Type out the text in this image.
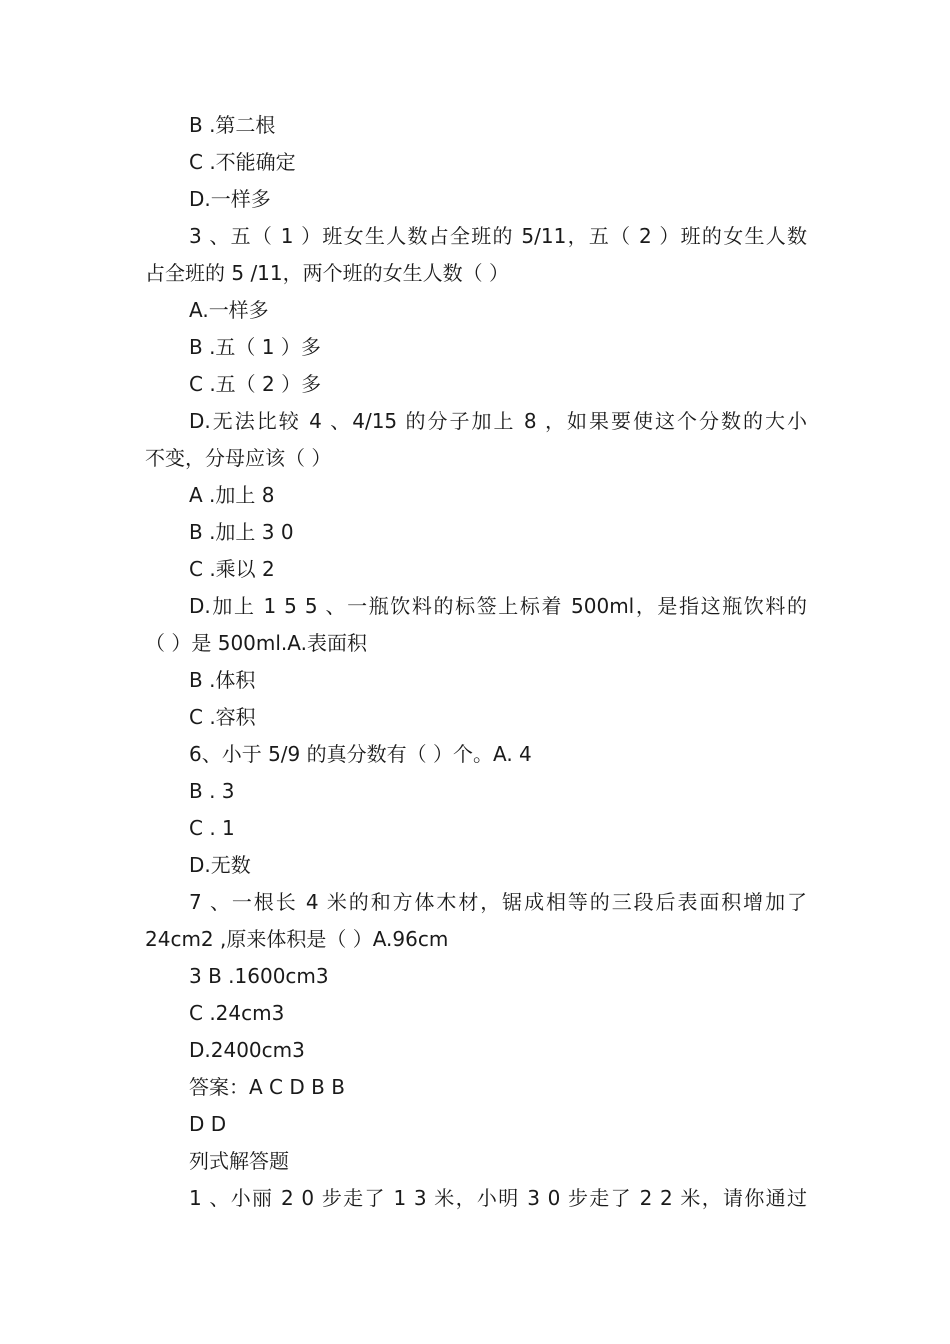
B .第二根
C .不能确定
D.一样多
3 、五（ 1 ）班女生人数占全班的 5/11，五（ 2 ）班的女生人数
占全班的 5 /11，两个班的女生人数（ ）
A.一样多
B .五（ 1 ）多
C .五（ 2 ）多
D.无法比较 4 、4/15 的分子加上 8 ，如果要使这个分数的大小
不变，分母应该（ ）
A .加上 8
B .加上 3 0
C .乘以 2
D.加上 1 5 5 、一瓶饮料的标签上标着 500ml，是指这瓶饮料的
（ ）是 500ml.A.表面积
B .体积
C .容积
6、小于 5/9 的真分数有（ ）个。A. 4
B . 3
C . 1
D.无数
7 、一根长 4 米的和方体木材，锯成相等的三段后表面积增加了
24cm2 ,原来体积是（ ）A.96cm
3 B .1600cm3
C .24cm3
D.2400cm3
答案：A C D B B
D D
列式解答题
1 、小丽 2 0 步走了 1 3 米，小明 3 0 步走了 2 2 米，请你通过
